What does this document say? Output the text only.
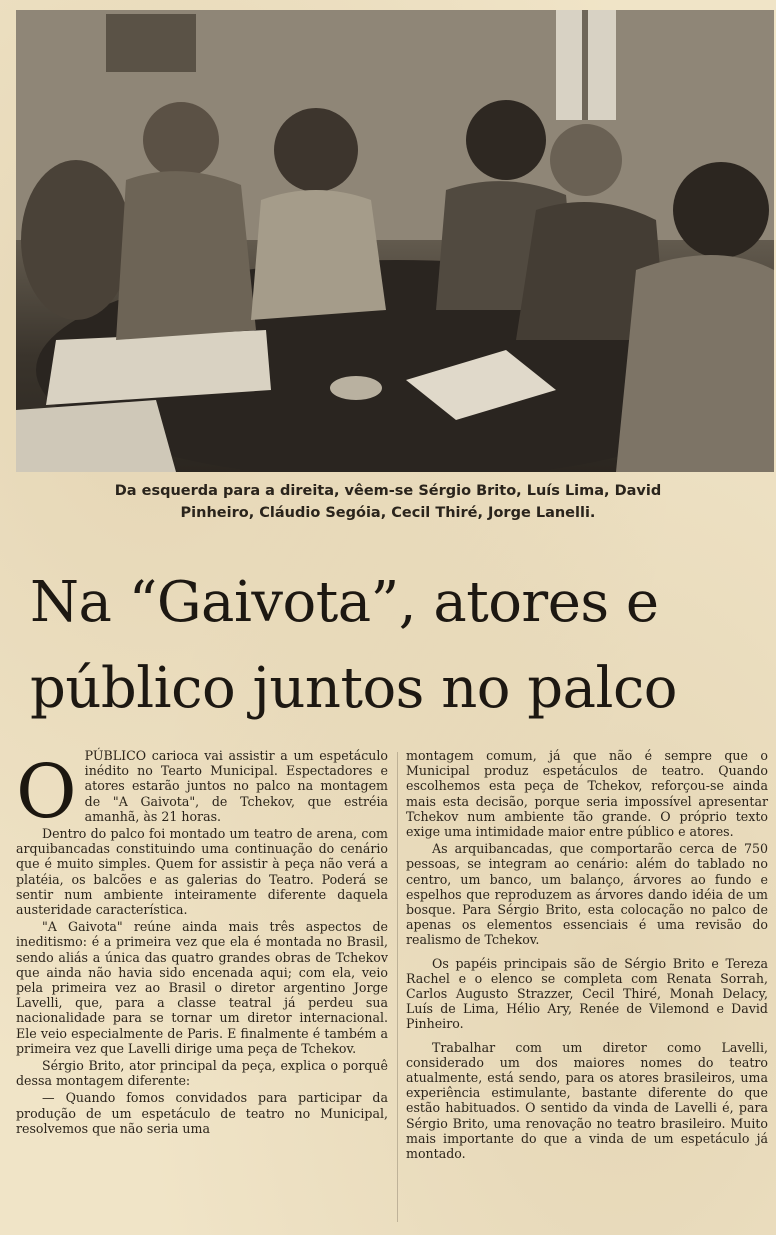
Da esquerda para a direita, vêem-se Sérgio Brito, Luís Lima, David
Pinheiro, Cláudio Segóia, Cecil Thiré, Jorge Lanelli.
Na “Gaivota”, atores e
público juntos no palco
O PÚBLICO carioca vai assistir a um espetáculo inédito no Tearto Municipal. Espectadores e atores estarão juntos no palco na montagem de "A Gaivota", de Tchekov, que estréia amanhã, às 21 horas.

Dentro do palco foi montado um teatro de arena, com arquibancadas constituindo uma continuação do cenário que é muito simples. Quem for assistir à peça não verá a platéia, os balcões e as galerias do Teatro. Poderá se sentir num ambiente inteiramente diferente daquela austeridade característica.

"A Gaivota" reúne ainda mais três aspectos de ineditismo: é a primeira vez que ela é montada no Brasil, sendo aliás a única das quatro grandes obras de Tchekov que ainda não havia sido encenada aqui; com ela, veio pela primeira vez ao Brasil o diretor argentino Jorge Lavelli, que, para a classe teatral já perdeu sua nacionalidade para se tornar um diretor internacional. Ele veio especialmente de Paris. E finalmente é também a primeira vez que Lavelli dirige uma peça de Tchekov.

Sérgio Brito, ator principal da peça, explica o porquê dessa montagem diferente:

— Quando fomos convidados para participar da produção de um espetáculo de teatro no Municipal, resolvemos que não seria uma

montagem comum, já que não é sempre que o Municipal produz espetáculos de teatro. Quando escolhemos esta peça de Tchekov, reforçou-se ainda mais esta decisão, porque seria impossível apresentar Tchekov num ambiente tão grande. O próprio texto exige uma intimidade maior entre público e atores.

As arquibancadas, que comportarão cerca de 750 pessoas, se integram ao cenário: além do tablado no centro, um banco, um balanço, árvores ao fundo e espelhos que reproduzem as árvores dando idéia de um bosque. Para Sérgio Brito, esta colocação no palco de apenas os elementos essenciais é uma revisão do realismo de Tchekov.

Os papéis principais são de Sérgio Brito e Tereza Rachel e o elenco se completa com Renata Sorrah, Carlos Augusto Strazzer, Cecil Thiré, Monah Delacy, Luís de Lima, Hélio Ary, Renée de Vilemond e David Pinheiro.

Trabalhar com um diretor como Lavelli, considerado um dos maiores nomes do teatro atualmente, está sendo, para os atores brasileiros, uma experiência estimulante, bastante diferente do que estão habituados. O sentido da vinda de Lavelli é, para Sérgio Brito, uma renovação no teatro brasileiro. Muito mais importante do que a vinda de um espetáculo já montado.
